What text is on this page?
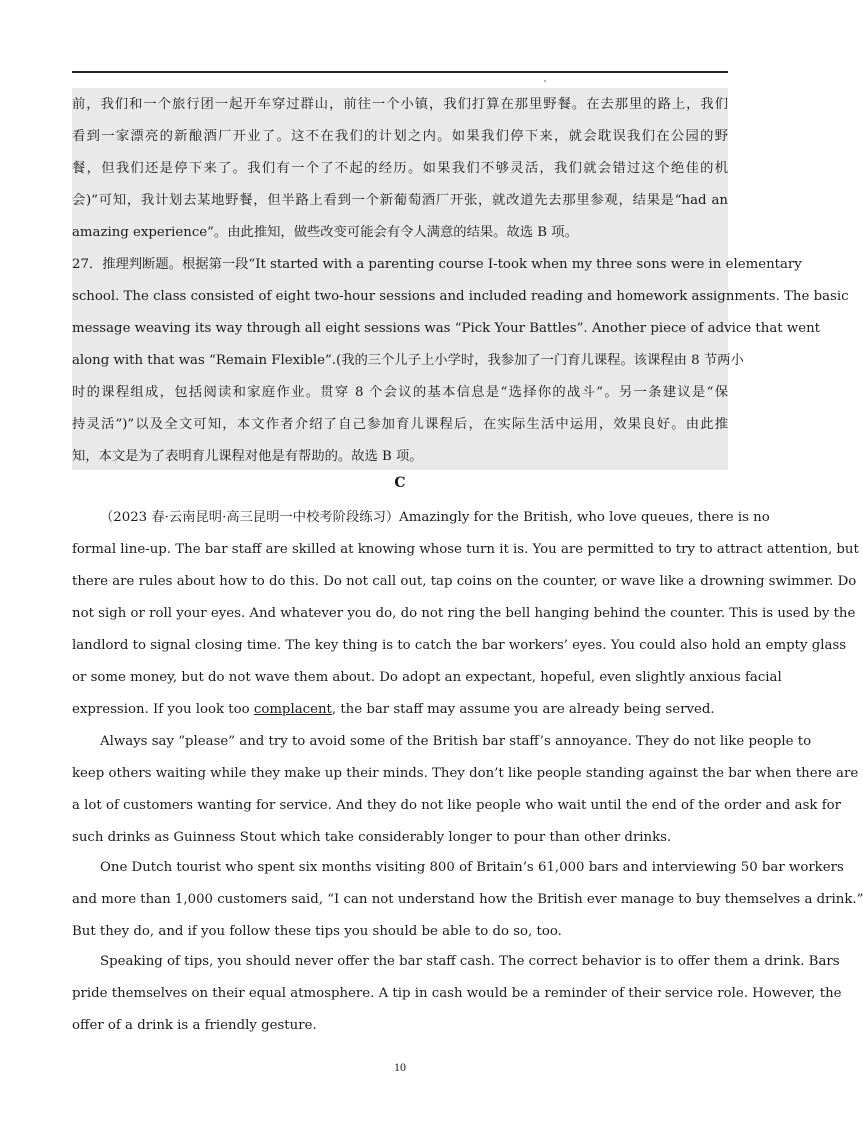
前，我们和一个旅行团一起开车穿过群山，前往一个小镇，我们打算在那里野餐。在去那里的路上，我们
看到一家漂亮的新酿酒厂开业了。这不在我们的计划之内。如果我们停下来，就会耽误我们在公园的野
餐，但我们还是停下来了。我们有一个了不起的经历。如果我们不够灵活，我们就会错过这个绝佳的机
会)”可知，我计划去某地野餐，但半路上看到一个新葡萄酒厂开张，就改道先去那里参观，结果是“had an
amazing experience”。由此推知，做些改变可能会有令人满意的结果。故选 B 项。
27．推理判断题。根据第一段“It started with a parenting course I-took when my three sons were in elementary
school. The class consisted of eight two-hour sessions and included reading and homework assignments. The basic
message weaving its way through all eight sessions was “Pick Your Battles”. Another piece of advice that went
along with that was “Remain Flexible”.(我的三个儿子上小学时，我参加了一门育儿课程。该课程由 8 节两小
时的课程组成，包括阅读和家庭作业。贯穿 8 个会议的基本信息是“选择你的战斗”。另一条建议是“保
持灵活”)”以及全文可知，本文作者介绍了自己参加育儿课程后，在实际生活中运用，效果良好。由此推
知，本文是为了表明育儿课程对他是有帮助的。故选 B 项。
C
（2023 春·云南昆明·高三昆明一中校考阶段练习）Amazingly for the British, who love queues, there is no
formal line-up. The bar staff are skilled at knowing whose turn it is. You are permitted to try to attract attention, but
there are rules about how to do this. Do not call out, tap coins on the counter, or wave like a drowning swimmer. Do
not sigh or roll your eyes. And whatever you do, do not ring the bell hanging behind the counter. This is used by the
landlord to signal closing time. The key thing is to catch the bar workers’ eyes. You could also hold an empty glass
or some money, but do not wave them about. Do adopt an expectant, hopeful, even slightly anxious facial
expression. If you look too complacent, the bar staff may assume you are already being served.
Always say “please” and try to avoid some of the British bar staff’s annoyance. They do not like people to
keep others waiting while they make up their minds. They don’t like people standing against the bar when there are
a lot of customers wanting for service. And they do not like people who wait until the end of the order and ask for
such drinks as Guinness Stout which take considerably longer to pour than other drinks.
One Dutch tourist who spent six months visiting 800 of Britain’s 61,000 bars and interviewing 50 bar workers
and more than 1,000 customers said, “I can not understand how the British ever manage to buy themselves a drink.”
But they do, and if you follow these tips you should be able to do so, too.
Speaking of tips, you should never offer the bar staff cash. The correct behavior is to offer them a drink. Bars
pride themselves on their equal atmosphere. A tip in cash would be a reminder of their service role. However, the
offer of a drink is a friendly gesture.
10
